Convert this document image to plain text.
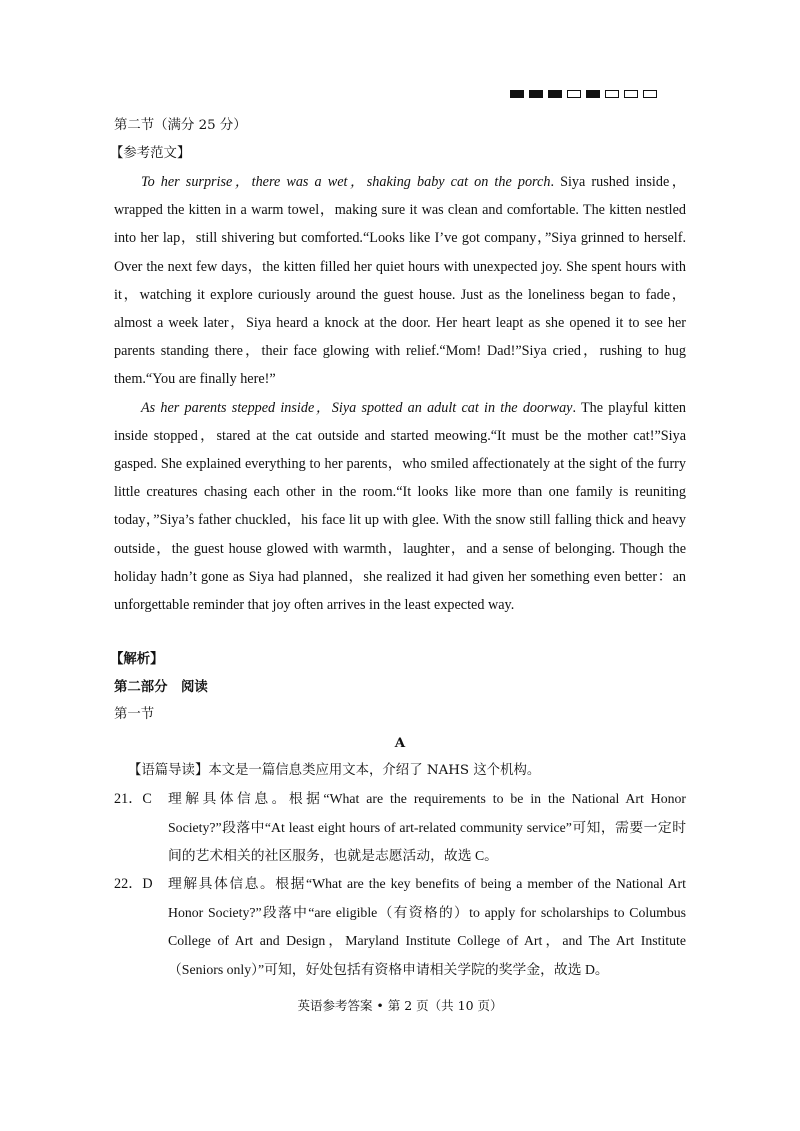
第二节（满分 25 分）
【参考范文】

To her surprise，there was a wet，shaking baby cat on the porch. Siya rushed inside，wrapped the kitten in a warm towel，making sure it was clean and comfortable. The kitten nestled into her lap，still shivering but comforted.“Looks like I’ve got company，”Siya grinned to herself. Over the next few days，the kitten filled her quiet hours with unexpected joy. She spent hours with it，watching it explore curiously around the guest house. Just as the loneliness began to fade，almost a week later，Siya heard a knock at the door. Her heart leapt as she opened it to see her parents standing there，their face glowing with relief.“Mom! Dad!”Siya cried，rushing to hug them.“You are finally here!”

As her parents stepped inside，Siya spotted an adult cat in the doorway. The playful kitten inside stopped，stared at the cat outside and started meowing.“It must be the mother cat!”Siya gasped. She explained everything to her parents，who smiled affectionately at the sight of the furry little creatures chasing each other in the room.“It looks like more than one family is reuniting today，”Siya’s father chuckled，his face lit up with glee. With the snow still falling thick and heavy outside，the guest house glowed with warmth，laughter，and a sense of belonging. Though the holiday hadn’t gone as Siya had planned，she realized it had given her something even better：an unforgettable reminder that joy often arrives in the least expected way.

【解析】
第二部分　阅读
第一节
A
【语篇导读】本文是一篇信息类应用文本，介绍了 NAHS 这个机构。
21．C 理解具体信息。根据“What are the requirements to be in the National Art Honor Society?”段落中“At least eight hours of art-related community service”可知，需要一定时间的艺术相关的社区服务，也就是志愿活动，故选 C。
22．D 理解具体信息。根据“What are the key benefits of being a member of the National Art Honor Society?”段落中“are eligible（有资格的）to apply for scholarships to Columbus College of Art and Design，Maryland Institute College of Art，and The Art Institute（Seniors only）”可知，好处包括有资格申请相关学院的奖学金，故选 D。
英语参考答案 • 第 2 页（共 10 页）
